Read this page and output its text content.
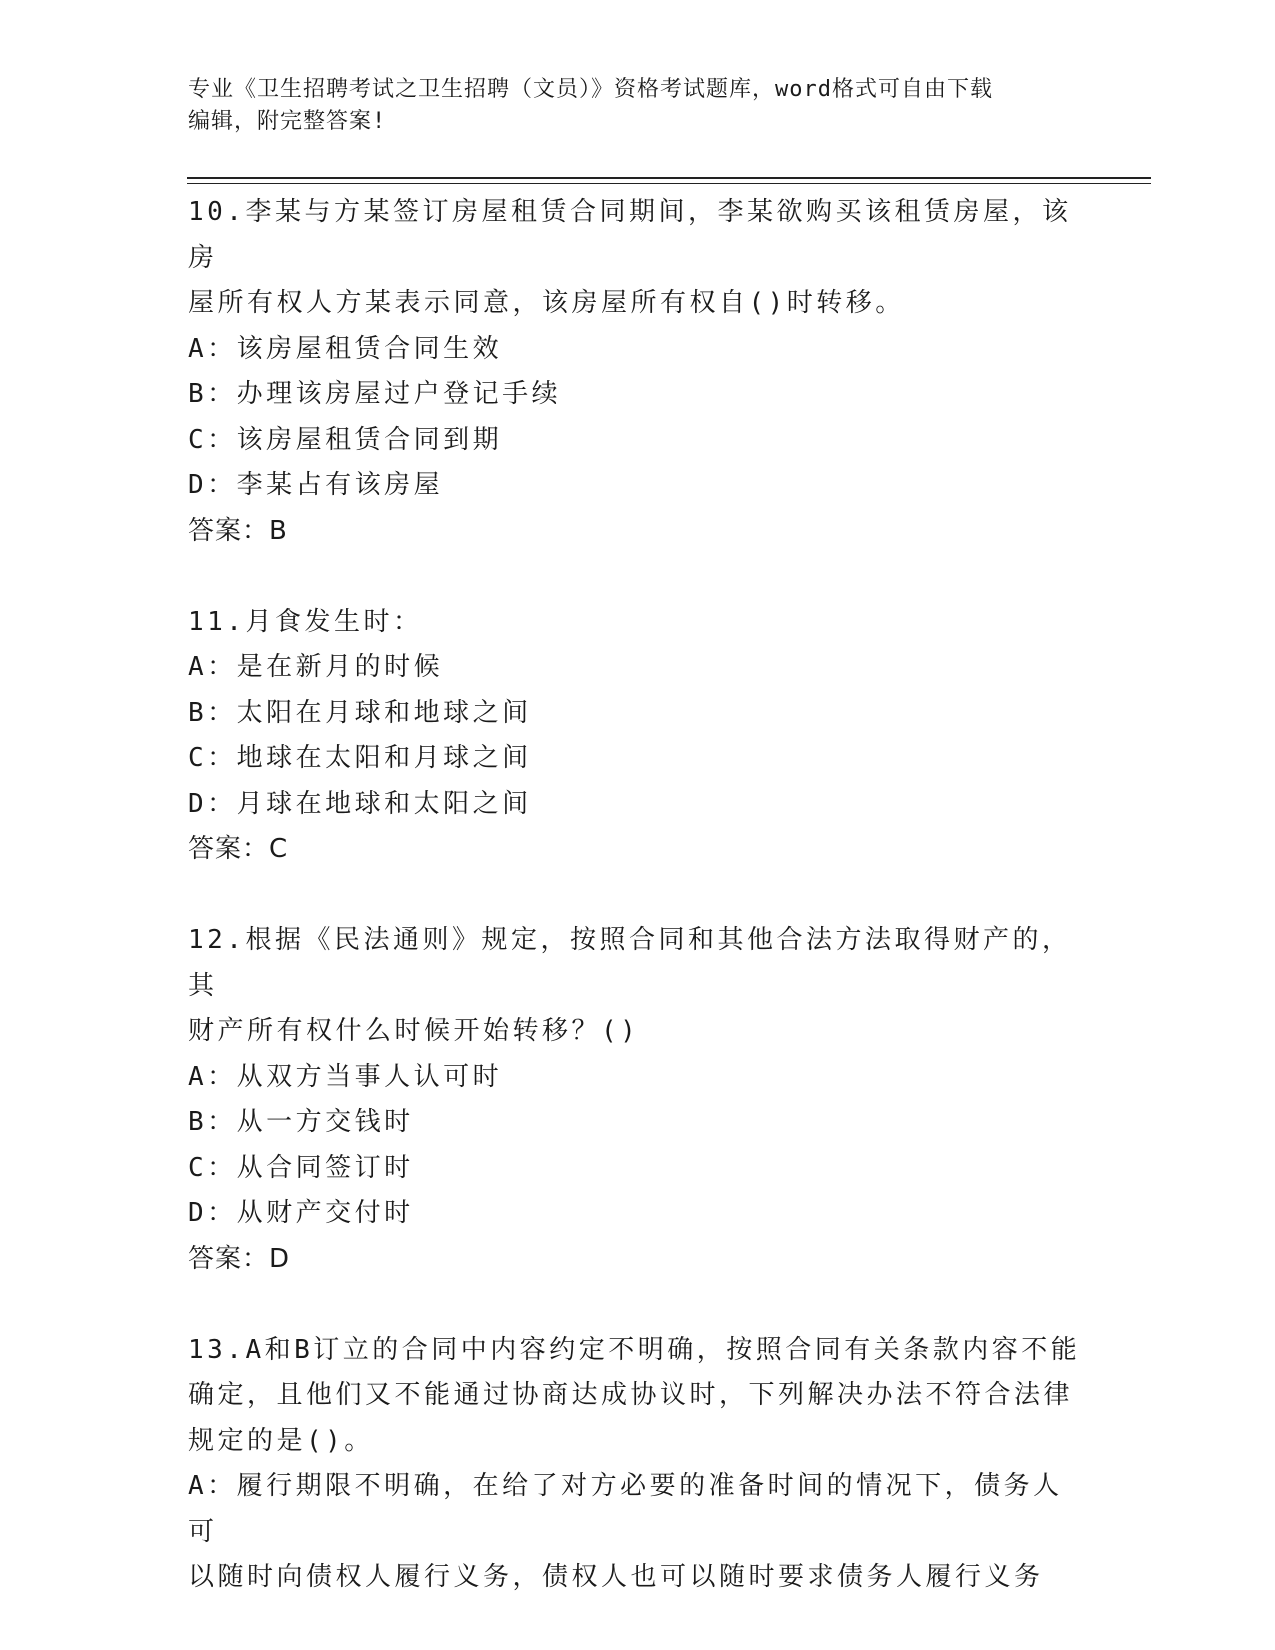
专业《卫生招聘考试之卫生招聘（文员）》资格考试题库，word格式可自由下载
编辑，附完整答案!

10.李某与方某签订房屋租赁合同期间，李某欲购买该租赁房屋，该房

屋所有权人方某表示同意，该房屋所有权自()时转移。

A：该房屋租赁合同生效

B：办理该房屋过户登记手续

C：该房屋租赁合同到期

D：李某占有该房屋

答案：B

11.月食发生时：

A：是在新月的时候

B：太阳在月球和地球之间

C：地球在太阳和月球之间

D：月球在地球和太阳之间

答案：C

12.根据《民法通则》规定，按照合同和其他合法方法取得财产的，其

财产所有权什么时候开始转移？()

A：从双方当事人认可时

B：从一方交钱时

C：从合同签订时

D：从财产交付时

答案：D

13.A和B订立的合同中内容约定不明确，按照合同有关条款内容不能

确定，且他们又不能通过协商达成协议时，下列解决办法不符合法律

规定的是()。

A：履行期限不明确，在给了对方必要的准备时间的情况下，债务人可

以随时向债权人履行义务，债权人也可以随时要求债务人履行义务
